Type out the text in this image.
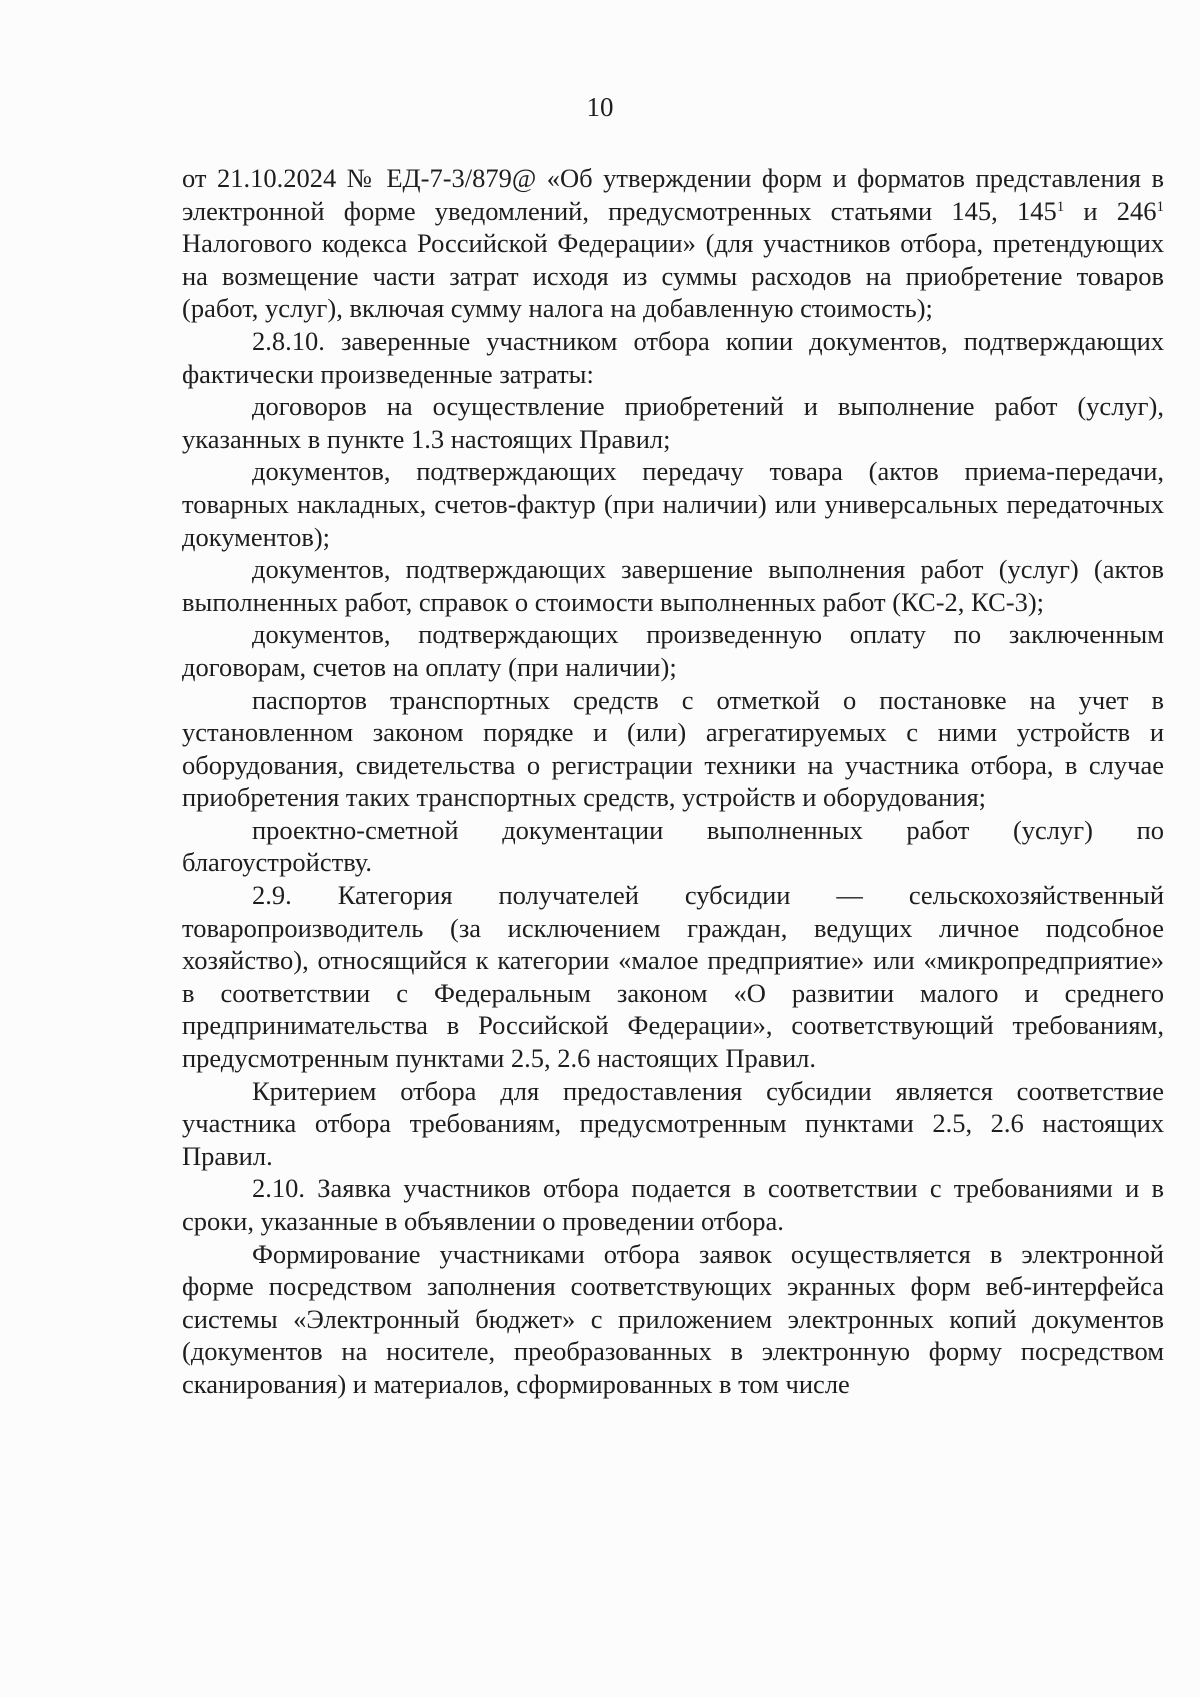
10

от 21.10.2024 № ЕД-7-3/879@ «Об утверждении форм и форматов представления в электронной форме уведомлений, предусмотренных статьями 145, $145^1$ и $246^1$ Налогового кодекса Российской Федерации» (для участников отбора, претендующих на возмещение части затрат исходя из суммы расходов на приобретение товаров (работ, услуг), включая сумму налога на добавленную стоимость);

2.8.10. заверенные участником отбора копии документов, подтверждающих фактически произведенные затраты:

договоров на осуществление приобретений и выполнение работ (услуг), указанных в пункте 1.3 настоящих Правил;

документов, подтверждающих передачу товара (актов приема-передачи, товарных накладных, счетов-фактур (при наличии) или универсальных передаточных документов);

документов, подтверждающих завершение выполнения работ (услуг) (актов выполненных работ, справок о стоимости выполненных работ (КС-2, КС-3);

документов, подтверждающих произведенную оплату по заключенным договорам, счетов на оплату (при наличии);

паспортов транспортных средств с отметкой о постановке на учет в установленном законом порядке и (или) агрегатируемых с ними устройств и оборудования, свидетельства о регистрации техники на участника отбора, в случае приобретения таких транспортных средств, устройств и оборудования;

проектно-сметной документации выполненных работ (услуг) по благоустройству.

2.9. Категория получателей субсидии — сельскохозяйственный товаропроизводитель (за исключением граждан, ведущих личное подсобное хозяйство), относящийся к категории «малое предприятие» или «микропредприятие» в соответствии с Федеральным законом «О развитии малого и среднего предпринимательства в Российской Федерации», соответствующий требованиям, предусмотренным пунктами 2.5, 2.6 настоящих Правил.

Критерием отбора для предоставления субсидии является соответствие участника отбора требованиям, предусмотренным пунктами 2.5, 2.6 настоящих Правил.

2.10. Заявка участников отбора подается в соответствии с требованиями и в сроки, указанные в объявлении о проведении отбора.

Формирование участниками отбора заявок осуществляется в электронной форме посредством заполнения соответствующих экранных форм веб-интерфейса системы «Электронный бюджет» с приложением электронных копий документов (документов на носителе, преобразованных в электронную форму посредством сканирования) и материалов, сформированных в том числе
